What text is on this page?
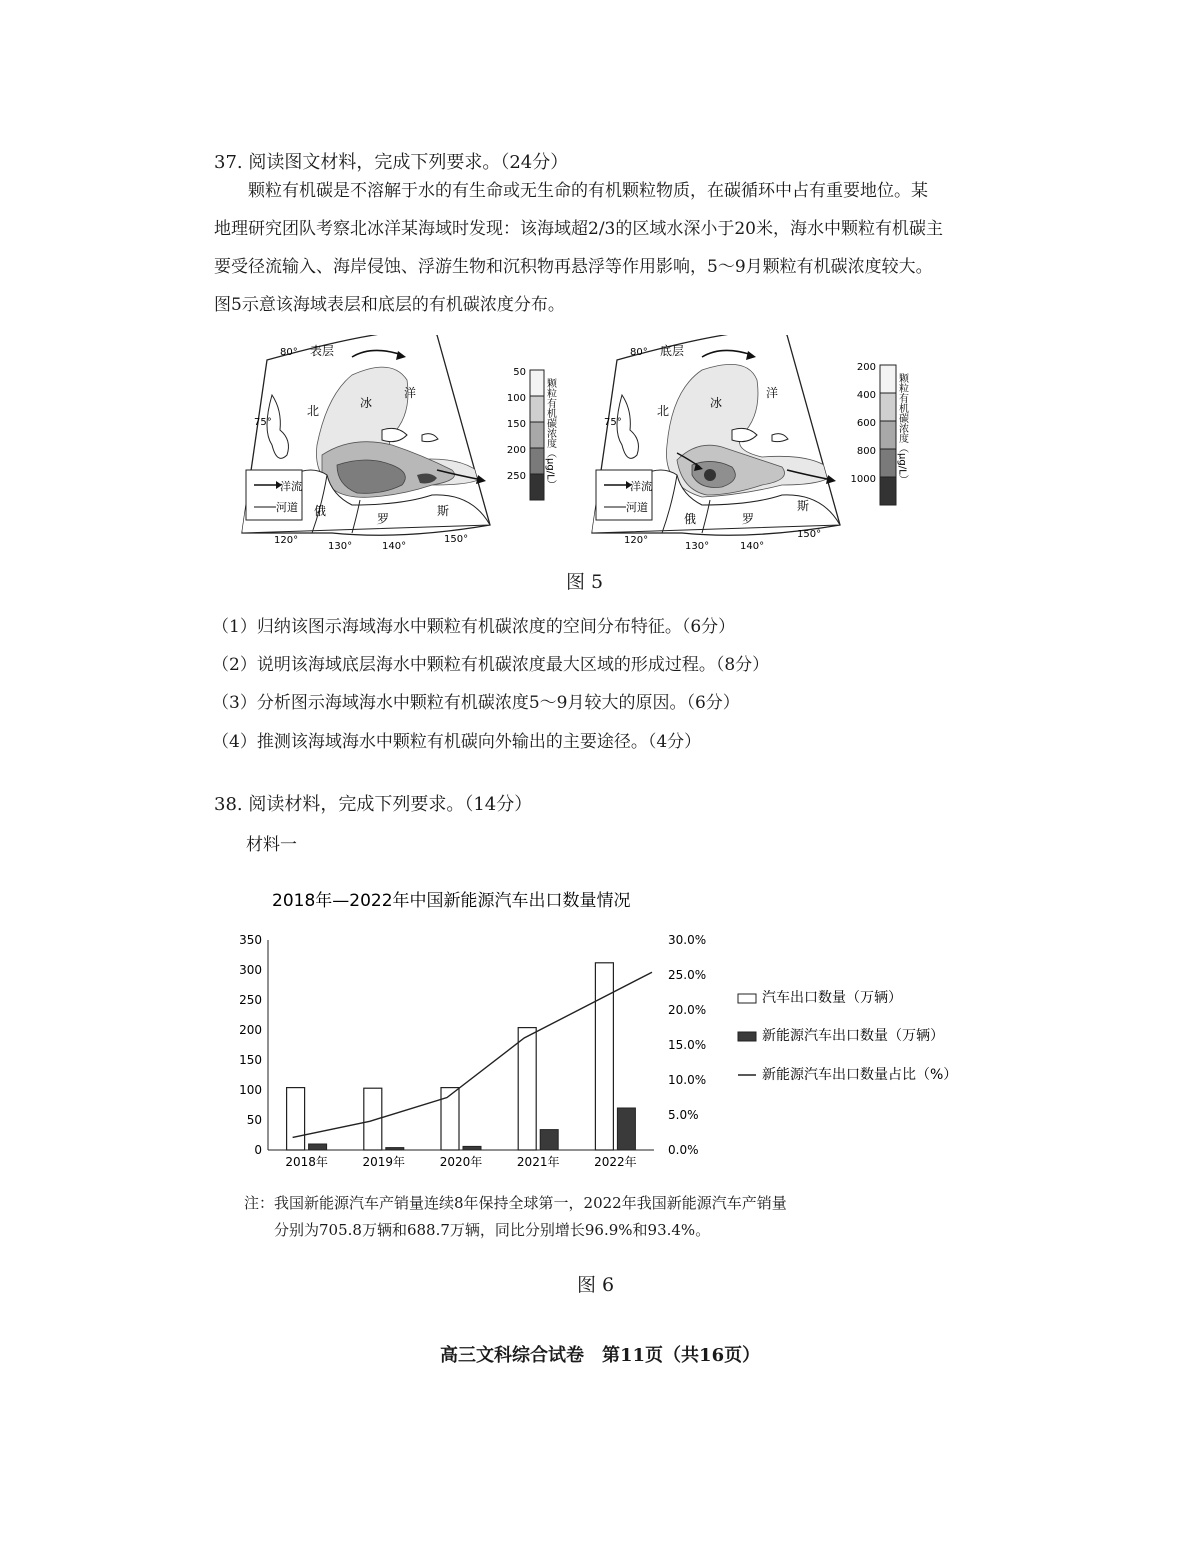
37. 阅读图文材料，完成下列要求。（24分）
颗粒有机碳是不溶解于水的有生命或无生命的有机颗粒物质，在碳循环中占有重要地位。某地理研究团队考察北冰洋某海域时发现：该海域超2/3的区域水深小于20米，海水中颗粒有机碳主要受径流输入、海岸侵蚀、浮游生物和沉积物再悬浮等作用影响，5～9月颗粒有机碳浓度较大。图5示意该海域表层和底层的有机碳浓度分布。
洋流
河道
表层
80°
75°
北
冰
洋
俄
罗
斯
120°
130°	140°
150°
50
100
150
200
250 颗粒有机碳浓度（μg/L）	洋流
河道
底层
80°
75°
北
冰
洋
俄	罗
斯
120°
130°	140°
150°
200
400
600
800
1000 颗粒有机碳浓度（μg/L）
图 5
（1）归纳该图示海域海水中颗粒有机碳浓度的空间分布特征。（6分）
（2）说明该海域底层海水中颗粒有机碳浓度最大区域的形成过程。（8分）
（3）分析图示海域海水中颗粒有机碳浓度5～9月较大的原因。（6分）
（4）推测该海域海水中颗粒有机碳向外输出的主要途径。（4分）
38. 阅读材料，完成下列要求。（14分）
材料一
2018年—2022年中国新能源汽车出口数量情况
0
50
100
150
200
250
300
350
0.0%
5.0%
10.0%
15.0%
20.0%
25.0%
30.0%
2018年	2019年	2020年	2021年	2022年
汽车出口数量（万辆）
新能源汽车出口数量（万辆）
新能源汽车出口数量占比（%）
注：我国新能源汽车产销量连续8年保持全球第一，2022年我国新能源汽车产销量
分别为705.8万辆和688.7万辆，同比分别增长96.9%和93.4%。
图 6
高三文科综合试卷　第11页（共16页）
